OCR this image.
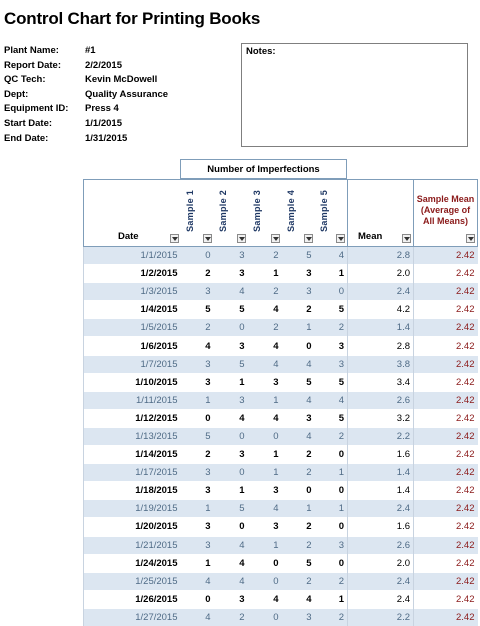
Control Chart for Printing Books
Plant Name:	#1
Report Date:	2/2/2015
QC Tech:	Kevin McDowell
Dept:	Quality Assurance
Equipment ID: Press 4
Start Date:	1/1/2015
End Date:	1/31/2015
Notes:
Number of Imperfections
Date	Sample 1	Sample 2	Sample 3	Sample 4	Sample 5	Mean	Sample Mean (Average of All Means)

1/1/2015	0	3	2	5	4	2.8	2.42
1/2/2015	2	3	1	3	1	2.0	2.42
1/3/2015	3	4	2	3	0	2.4	2.42
1/4/2015	5	5	4	2	5	4.2	2.42
1/5/2015	2	0	2	1	2	1.4	2.42
1/6/2015	4	3	4	0	3	2.8	2.42
1/7/2015	3	5	4	4	3	3.8	2.42
1/10/2015	3	1	3	5	5	3.4	2.42
1/11/2015	1	3	1	4	4	2.6	2.42
1/12/2015	0	4	4	3	5	3.2	2.42
1/13/2015	5	0	0	4	2	2.2	2.42
1/14/2015	2	3	1	2	0	1.6	2.42
1/17/2015	3	0	1	2	1	1.4	2.42
1/18/2015	3	1	3	0	0	1.4	2.42
1/19/2015	1	5	4	1	1	2.4	2.42
1/20/2015	3	0	3	2	0	1.6	2.42
1/21/2015	3	4	1	2	3	2.6	2.42
1/24/2015	1	4	0	5	0	2.0	2.42
1/25/2015	4	4	0	2	2	2.4	2.42
1/26/2015	0	3	4	4	1	2.4	2.42
1/27/2015	4	2	0	3	2	2.2	2.42
